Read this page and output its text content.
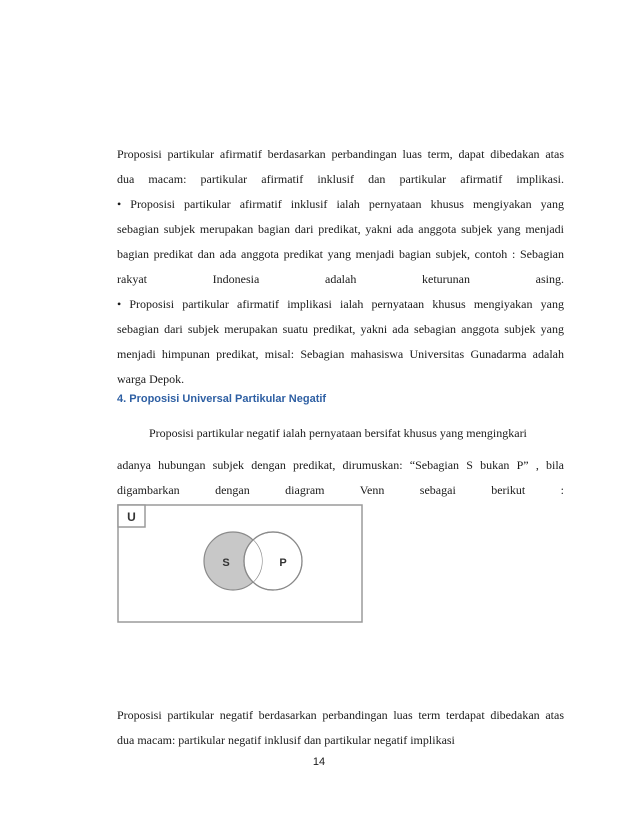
Proposisi partikular afirmatif berdasarkan perbandingan luas term, dapat dibedakan atas
dua macam: partikular afirmatif inklusif dan partikular afirmatif implikasi.
• Proposisi partikular afirmatif inklusif ialah pernyataan khusus mengiyakan yang
sebagian subjek merupakan bagian dari predikat, yakni ada anggota subjek yang menjadi
bagian predikat dan ada anggota predikat yang menjadi bagian subjek, contoh : Sebagian
rakyat Indonesia adalah keturunan asing.
• Proposisi partikular afirmatif implikasi ialah pernyataan khusus mengiyakan yang
sebagian dari subjek merupakan suatu predikat, yakni ada sebagian anggota subjek yang
menjadi himpunan predikat, misal: Sebagian mahasiswa Universitas Gunadarma adalah
warga Depok.
4. Proposisi Universal Partikular Negatif
Proposisi partikular negatif ialah pernyataan bersifat khusus yang mengingkari
adanya hubungan subjek dengan predikat, dirumuskan: “Sebagian S bukan P” , bila
digambarkan dengan diagram Venn sebagai berikut :
U
S	P
Proposisi partikular negatif berdasarkan perbandingan luas term terdapat dibedakan atas
dua macam: partikular negatif inklusif dan partikular negatif implikasi
14
